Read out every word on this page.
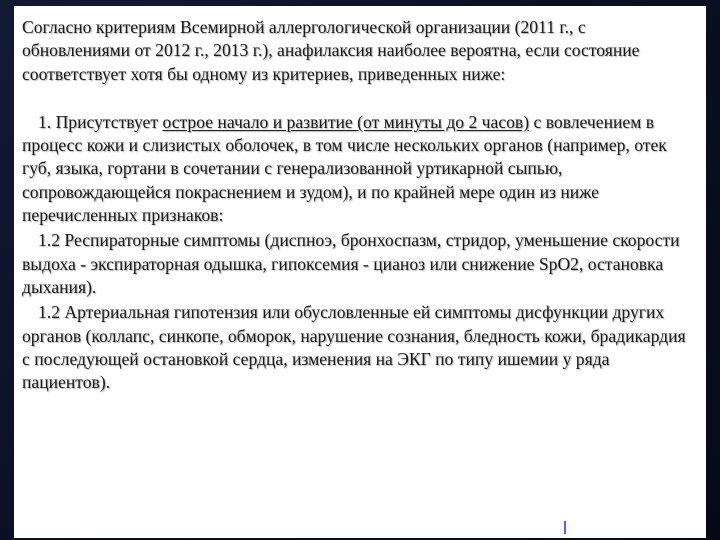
Согласно критериям Всемирной аллергологической организации (2011 г., с обновлениями от 2012 г., 2013 г.), анафилаксия наиболее вероятна, если состояние соответствует хотя бы одному из критериев, приведенных ниже:

1. Присутствует острое начало и развитие (от минуты до 2 часов) с вовлечением в процесс кожи и слизистых оболочек, в том числе нескольких органов (например, отек губ, языка, гортани в сочетании с генерализованной уртикарной сыпью, сопровождающейся покраснением и зудом), и по крайней мере один из ниже перечисленных признаков:

1.2 Респираторные симптомы (диспноэ, бронхоспазм, стридор, уменьшение скорости выдоха - экспираторная одышка, гипоксемия - цианоз или снижение SpO2, остановка дыхания).

1.2 Артериальная гипотензия или обусловленные ей симптомы дисфункции других органов (коллапс, синкопе, обморок, нарушение сознания, бледность кожи, брадикардия с последующей остановкой сердца, изменения на ЭКГ по типу ишемии у ряда пациентов).
